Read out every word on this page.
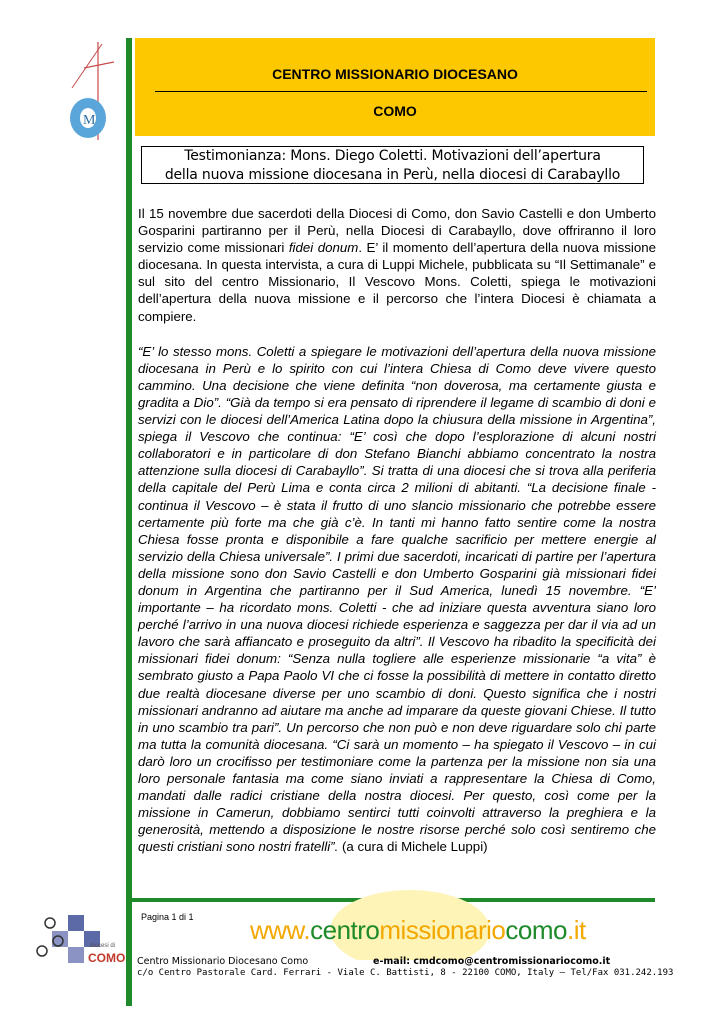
M
CENTRO MISSIONARIO DIOCESANO
COMO
Testimonianza: Mons. Diego Coletti. Motivazioni dell’apertura
della nuova missione diocesana in Perù, nella diocesi di Carabayllo

Il 15 novembre due sacerdoti della Diocesi di Como, don Savio Castelli e don Umberto Gosparini partiranno per il Perù, nella Diocesi di Carabayllo, dove offriranno il loro servizio come missionari fidei donum. E’ il momento dell’apertura della nuova missione diocesana. In questa intervista, a cura di Luppi Michele, pubblicata su “Il Settimanale” e sul sito del centro Missionario, Il Vescovo Mons. Coletti, spiega le motivazioni dell’apertura della nuova missione e il percorso che l’intera Diocesi è chiamata a compiere.

“E’ lo stesso mons. Coletti a spiegare le motivazioni dell’apertura della nuova missione diocesana in Perù e lo spirito con cui l’intera Chiesa di Como deve vivere questo cammino. Una decisione che viene definita “non doverosa, ma certamente giusta e gradita a Dio”. “Già da tempo si era pensato di riprendere il legame di scambio di doni e servizi con le diocesi dell’America Latina dopo la chiusura della missione in Argentina”, spiega il Vescovo che continua: “E’ così che dopo l’esplorazione di alcuni nostri collaboratori e in particolare di don Stefano Bianchi abbiamo concentrato la nostra attenzione sulla diocesi di Carabayllo”. Si tratta di una diocesi che si trova alla periferia della capitale del Perù Lima e conta circa 2 milioni di abitanti. “La decisione finale - continua il Vescovo – è stata il frutto di uno slancio missionario che potrebbe essere certamente più forte ma che già c’è. In tanti mi hanno fatto sentire come la nostra Chiesa fosse pronta e disponibile a fare qualche sacrificio per mettere energie al servizio della Chiesa universale”. I primi due sacerdoti, incaricati di partire per l’apertura della missione sono don Savio Castelli e don Umberto Gosparini già missionari fidei donum in Argentina che partiranno per il Sud America, lunedì 15 novembre. “E’ importante – ha ricordato mons. Coletti - che ad iniziare questa avventura siano loro perché l’arrivo in una nuova diocesi richiede esperienza e saggezza per dar il via ad un lavoro che sarà affiancato e proseguito da altri”. Il Vescovo ha ribadito la specificità dei missionari fidei donum: “Senza nulla togliere alle esperienze missionarie “a vita” è sembrato giusto a Papa Paolo VI che ci fosse la possibilità di mettere in contatto diretto due realtà diocesane diverse per uno scambio di doni. Questo significa che i nostri missionari andranno ad aiutare ma anche ad imparare da queste giovani Chiese. Il tutto in uno scambio tra pari”. Un percorso che non può e non deve riguardare solo chi parte ma tutta la comunità diocesana. “Ci sarà un momento – ha spiegato il Vescovo – in cui darò loro un crocifisso per testimoniare come la partenza per la missione non sia una loro personale fantasia ma come siano inviati a rappresentare la Chiesa di Como, mandati dalle radici cristiane della nostra diocesi. Per questo, così come per la missione in Camerun, dobbiamo sentirci tutti coinvolti attraverso la preghiera e la generosità, mettendo a disposizione le nostre risorse perché solo così sentiremo che questi cristiani sono nostri fratelli”. (a cura di Michele Luppi)

Pagina 1 di 1
diocesi di
COMO
www.centromissionariocomo.it
Centro Missionario Diocesano Como	e-mail: cmdcomo@centromissionariocomo.it
c/o Centro Pastorale Card. Ferrari - Viale C. Battisti, 8 - 22100 COMO, Italy – Tel/Fax 031.242.193
